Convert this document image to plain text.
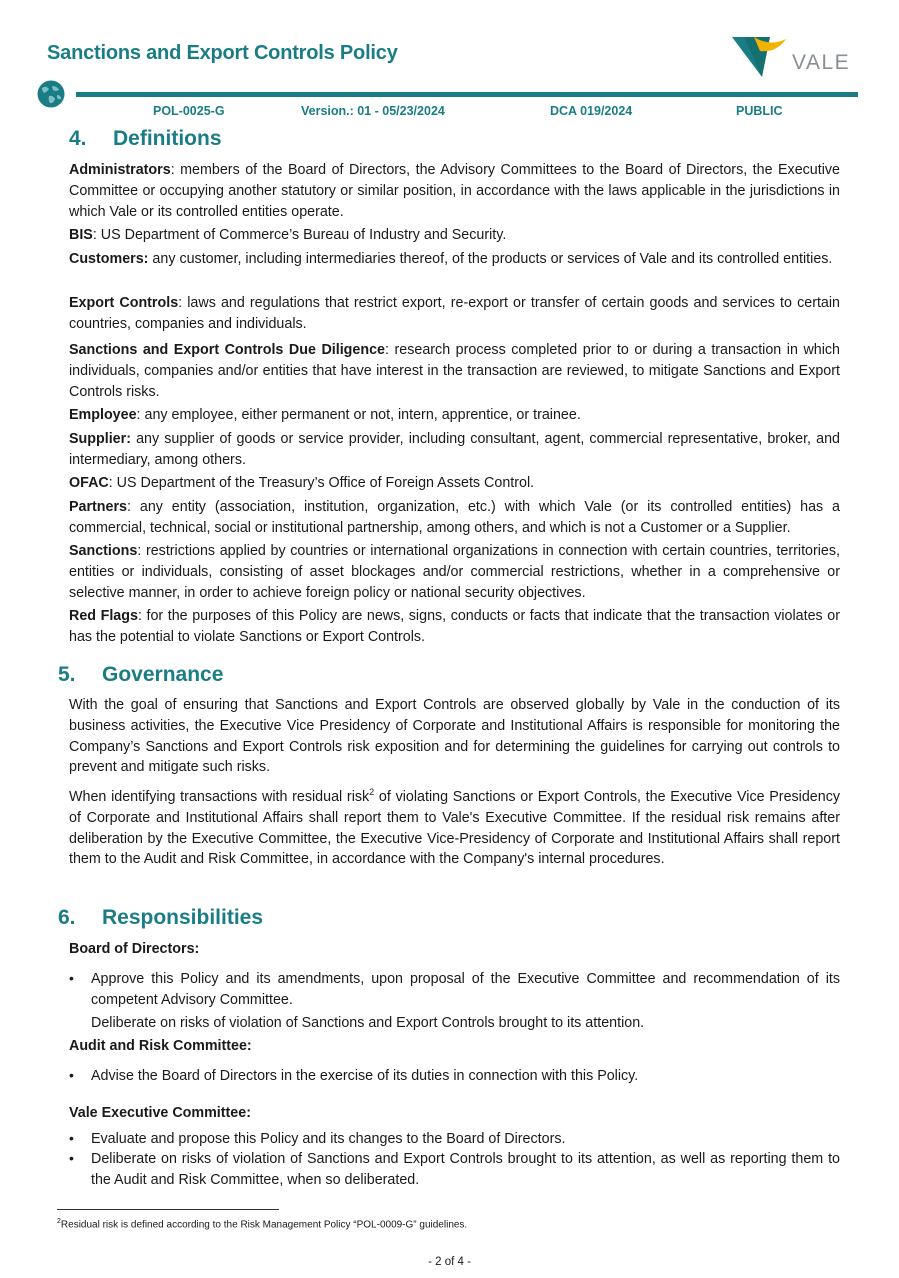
Sanctions and Export Controls Policy	VALE
POL-0025-G	Version.: 01 - 05/23/2024	DCA 019/2024	PUBLIC
4. Definitions

Administrators: members of the Board of Directors, the Advisory Committees to the Board of Directors, the Executive Committee or occupying another statutory or similar position, in accordance with the laws applicable in the jurisdictions in which Vale or its controlled entities operate.

BIS: US Department of Commerce’s Bureau of Industry and Security.

Customers: any customer, including intermediaries thereof, of the products or services of Vale and its controlled entities.

Export Controls: laws and regulations that restrict export, re-export or transfer of certain goods and services to certain countries, companies and individuals.

Sanctions and Export Controls Due Diligence: research process completed prior to or during a transaction in which individuals, companies and/or entities that have interest in the transaction are reviewed, to mitigate Sanctions and Export Controls risks.

Employee: any employee, either permanent or not, intern, apprentice, or trainee.

Supplier: any supplier of goods or service provider, including consultant, agent, commercial representative, broker, and intermediary, among others.

OFAC: US Department of the Treasury’s Office of Foreign Assets Control.

Partners: any entity (association, institution, organization, etc.) with which Vale (or its controlled entities) has a commercial, technical, social or institutional partnership, among others, and which is not a Customer or a Supplier.

Sanctions: restrictions applied by countries or international organizations in connection with certain countries, territories, entities or individuals, consisting of asset blockages and/or commercial restrictions, whether in a comprehensive or selective manner, in order to achieve foreign policy or national security objectives.

Red Flags: for the purposes of this Policy are news, signs, conducts or facts that indicate that the transaction violates or has the potential to violate Sanctions or Export Controls.

5. Governance

With the goal of ensuring that Sanctions and Export Controls are observed globally by Vale in the conduction of its business activities, the Executive Vice Presidency of Corporate and Institutional Affairs is responsible for monitoring the Company’s Sanctions and Export Controls risk exposition and for determining the guidelines for carrying out controls to prevent and mitigate such risks.

When identifying transactions with residual risk$^2$ of violating Sanctions or Export Controls, the Executive Vice Presidency of Corporate and Institutional Affairs shall report them to Vale's Executive Committee. If the residual risk remains after deliberation by the Executive Committee, the Executive Vice-Presidency of Corporate and Institutional Affairs shall report them to the Audit and Risk Committee, in accordance with the Company's internal procedures.

6. Responsibilities
Board of Directors:
• Approve this Policy and its amendments, upon proposal of the Executive Committee and recommendation of its competent Advisory Committee.

Deliberate on risks of violation of Sanctions and Export Controls brought to its attention.

Audit and Risk Committee:
• Advise the Board of Directors in the exercise of its duties in connection with this Policy.

Vale Executive Committee:
• Evaluate and propose this Policy and its changes to the Board of Directors.

• Deliberate on risks of violation of Sanctions and Export Controls brought to its attention, as well as reporting them to the Audit and Risk Committee, when so deliberated.

$^2$Residual risk is defined according to the Risk Management Policy “POL-0009-G” guidelines.
- 2 of 4 -
